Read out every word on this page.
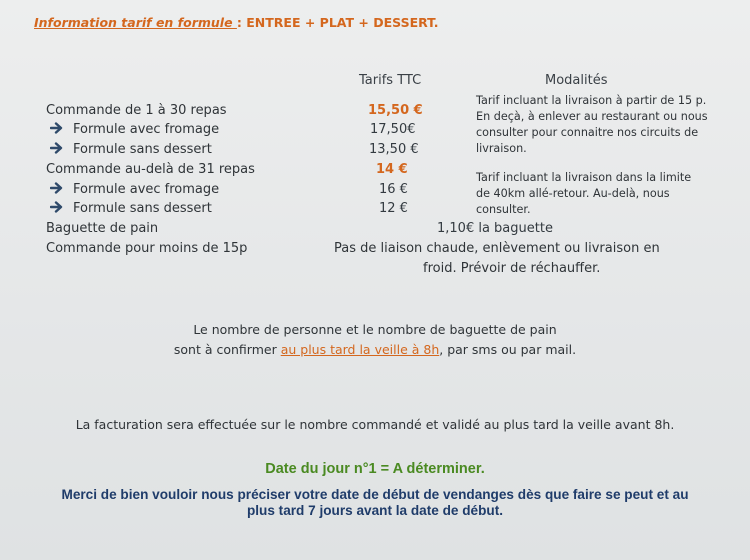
Information tarif en formule : ENTREE + PLAT + DESSERT.
Tarifs TTC	Modalités
Commande de 1 à 30 repas
Formule avec fromage
Formule sans dessert
Commande au-delà de 31 repas
Formule avec fromage
Formule sans dessert
Baguette de pain
Commande pour moins de 15p
15,50 €
17,50€
13,50 €
14 €
16 €
12 €
1,10€ la baguette
Tarif incluant la livraison à partir de 15 p. En deçà, à enlever au restaurant ou nous consulter pour connaitre nos circuits de livraison.
Tarif incluant la livraison dans la limite de 40km allé-retour. Au-delà, nous consulter.
Pas de liaison chaude, enlèvement ou livraison en
froid. Prévoir de réchauffer.
Le nombre de personne et le nombre de baguette de pain
sont à confirmer au plus tard la veille à 8h, par sms ou par mail.
La facturation sera effectuée sur le nombre commandé et validé au plus tard la veille avant 8h.
Date du jour n°1 = A déterminer.
Merci de bien vouloir nous préciser votre date de début de vendanges dès que faire se peut et au
plus tard 7 jours avant la date de début.
